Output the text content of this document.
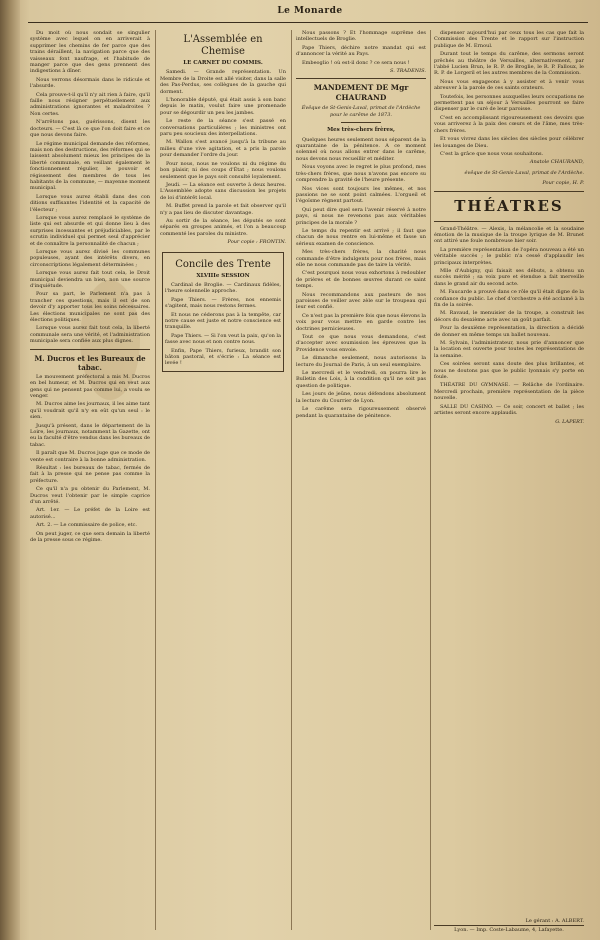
Le Monarde

Du moit où nous sondait se singulier système avec lequel on en arriverait à supprimer les chemins de fer parce que des trains déraillent, la navigation parce que des vaisseaux font naufrage, et l'habitude de manger parce que des gens prennent des indigestions à dîner.

Nous verrons désormais dans le ridicule et l'absurde.

Cela prouve-t-il qu'il n'y ait rien à faire, qu'il faille nous résigner perpétuellement aux administrations ignorantes et maladroites ? Non certes.

N'arrêtons pas, guérissons, disent les docteurs. — C'est là ce que l'on doit faire et ce que nous devons faire.

Le régime municipal demande des réformes, mais non des destructions, des réformes qui se laissent absolument mieux les principes de la liberté communale, en veillant également le fonctionnement régulier, le pouvoir et régissement des membres de tous les habitants de la commune, — mayenne moment municipal.

Lorsque vous aurez établi dans des con ditions suffisantes l'identité et la capacité de l'électeur ;

Lorsque vous aurez remplacé le système de liste qui est absurde et qui donne lieu à des surprises incessantes et préjudiciables, par le scrutin individuel qui permet seul d'apprécier et de connaître la personnalité de chacun ;

Lorsque vous aurez divisé les communes populeuses, ayant des intérêts divers, en circonscriptions légalement déterminées ;

Lorsque vous aurez fait tout cela, le Droit municipal deviendra un bien, non une source d'inquiétude.

Pour sa part, le Parlement n'a pas à trancher ces questions, mais il est de son devoir d'y apporter tous les soins nécessaires. Les élections municipales ne sont pas des élections politiques.

Lorsque vous aurez fait tout cela, la liberté communale sera une vérité, et l'administration municipale sera confiée aux plus dignes.

M. Ducros et les Bureaux de tabac.

Le mouvement préfectoral a mis M. Ducros en bel humeur, et M. Ducros qui en veut aux gens qui ne pensent pas comme lui, a voulu se venger.

M. Ducros aime les journaux, il les aime tant qu'il voudrait qu'il n'y en eût qu'un seul : le sien.

Jusqu'à présent, dans le département de la Loire, les journaux, notamment la Gazette, ont eu la faculté d'être vendus dans les bureaux de tabac.

Il paraît que M. Ducros juge que ce mode de vente est contraire à la bonne administration.

Résultat : les bureaux de tabac, fermés de fait à la presse qui ne pense pas comme la préfecture.

Ce qu'il n'a pu obtenir du Parlement, M. Ducros veut l'obtenir par le simple caprice d'un arrêté.

Art. 1er. — Le préfet de la Loire est autorisé...

Art. 2. — Le commissaire de police, etc.

On peut juger, ce que sera demain la liberté de la presse sous ce régime.

L'Assemblée en Chemise
LE CARNET DU COMMIS.

Samedi. — Grande représentation. Un Membre de la Droite est allé visiter, dans la salle des Pas-Perdus, ses collègues de la gauche qui dorment.

L'honorable député, qui était assis à son banc depuis le matin, voulut faire une promenade pour se dégourdir un peu les jambes.

Le reste de la séance s'est passé en conversations particulières ; les ministres ont paru peu soucieux des interpellations.

M. Wallon s'est avancé jusqu'à la tribune au milieu d'une vive agitation, et a pris la parole pour demander l'ordre du jour.

Pour nous, nous ne voulons ni du régime du bon plaisir, ni des coups d'État ; nous voulons seulement que le pays soit consulté loyalement.

Jeudi. — La séance est ouverte à deux heures. L'Assemblée adopte sans discussion les projets de loi d'intérêt local.

M. Buffet prend la parole et fait observer qu'il n'y a pas lieu de discuter davantage.

Au sortir de la séance, les députés se sont séparés en groupes animés, et l'on a beaucoup commenté les paroles du ministre.

Pour copie : FRONTIN.
Concile des Trente
XLVIIIe SESSION

Cardinal de Broglie. — Cardinaux fidèles, l'heure solennelle approche.

Pape Thiers. — Frères, nos ennemis s'agitent, mais nous restons fermes.

Et nous ne céderons pas à la tempête, car notre cause est juste et notre conscience est tranquille.

Pape Thiers. — Si l'on veut la paix, qu'on la fasse avec nous et non contre nous.

Enfin, Pape Thiers, furieux, brandit son bâton pastoral, et s'écrie : La séance est levée !

Nous passons ? Et l'hommage suprême des intellectuels de Broglie.

Pape Thiers, déchire notre mandat qui est d'annoncer la vérité au Pays.

Embeoglio ! où est-il donc ? ce sera nous !

S. TRADENIS.
MANDEMENT DE Mgr CHAURAND
Évêque de St-Genis-Laval, primat de l'Ardèche pour le carême de 1873.
Mes très-chers frères,

Quelques heures seulement nous séparent de la quarantaine de la pénitence. A ce moment solennel où nous allons entrer dans le carême, nous devons nous recueillir et méditer.

Nous voyons avec le regret le plus profond, mes très-chers frères, que nous n'avons pas encore su comprendre la gravité de l'heure présente.

Nos vices sont toujours les mêmes, et nos passions ne se sont point calmées. L'orgueil et l'égoïsme règnent partout.

Qui peut dire quel sera l'avenir réservé à notre pays, si nous ne revenons pas aux véritables principes de la morale ?

Le temps du repentir est arrivé ; il faut que chacun de nous rentre en lui-même et fasse un sérieux examen de conscience.

Mes très-chers frères, la charité nous commande d'être indulgents pour nos frères, mais elle ne nous commande pas de taire la vérité.

C'est pourquoi nous vous exhortons à redoubler de prières et de bonnes œuvres durant ce saint temps.

Nous recommandons aux pasteurs de nos paroisses de veiller avec zèle sur le troupeau qui leur est confié.

Ce n'est pas la première fois que nous élevons la voix pour vous mettre en garde contre les doctrines pernicieuses.

Tout ce que nous vous demandons, c'est d'accepter avec soumission les épreuves que la Providence vous envoie.

Le dimanche seulement, nous autorisons la lecture du Journal de Paris, à un seul exemplaire.

Le mercredi et le vendredi, on pourra lire le Bulletin des Lois, à la condition qu'il ne soit pas question de politique.

Les jours de jeûne, nous défendons absolument la lecture du Courrier de Lyon.

Le carême sera rigoureusement observé pendant la quarantaine de pénitence.

dispenser aujourd'hui par ceux tous les cas que fait la Commission des Trente et le rapport sur l'instruction publique de M. Ernoul.

Durant tout le temps du carême, des sermons seront prêchés au théâtre de Versailles, alternativement, par l'abbé Lucien Brun, le R. P. de Broglie, le R. P. Falloux, le R. P. de Lorgeril et les autres membres de la Commission.

Nous vous engageons à y assister et à venir vous abreuver à la parole de ces saints orateurs.

Toutefois, les personnes auxquelles leurs occupations ne permettent pas un séjour à Versailles pourront se faire dispenser par le curé de leur paroisse.

C'est en accomplissant rigoureusement ces devoirs que vous arriverez à la paix des cœurs et de l'âme, mes très-chers frères.

Et vous vivrez dans les siècles des siècles pour célébrer les louanges de Dieu.

C'est la grâce que nous vous souhaitons.

Anatole CHAURAND,
évêque de St-Genis-Laval, primat de l'Ardèche.
Pour copie, H. P.
THÉATRES

Grand-Théâtre. — Alexis, la mélancolie et la soudaine émotion de la musique de la troupe lyrique de M. Brunet ont attiré une foule nombreuse hier soir.

La première représentation de l'opéra nouveau a été un véritable succès ; le public n'a cessé d'applaudir les principaux interprètes.

Mlle d'Aubigny, qui faisait ses débuts, a obtenu un succès mérité ; sa voix pure et étendue a fait merveille dans le grand air du second acte.

M. Faucarde a prouvé dans ce rôle qu'il était digne de la confiance du public. Le chef d'orchestre a été acclamé à la fin de la soirée.

M. Ravaud, le menuisier de la troupe, a construit les décors du deuxième acte avec un goût parfait.

Pour la deuxième représentation, la direction a décidé de donner en même temps un ballet nouveau.

M. Sylvain, l'administrateur, nous prie d'annoncer que la location est ouverte pour toutes les représentations de la semaine.

Ces soirées seront sans doute des plus brillantes, et nous ne doutons pas que le public lyonnais s'y porte en foule.

THÉATRE DU GYMNASE. — Relâche de l'ordinaire. Mercredi prochain, première représentation de la pièce nouvelle.

SALLE DU CASINO. — Ce soir, concert et ballet ; les artistes seront encore applaudis.

G. LAPERT.
Le gérant : A. ALBERT.
Lyon. — Imp. Coste-Labaume, 4, Lafayette.
